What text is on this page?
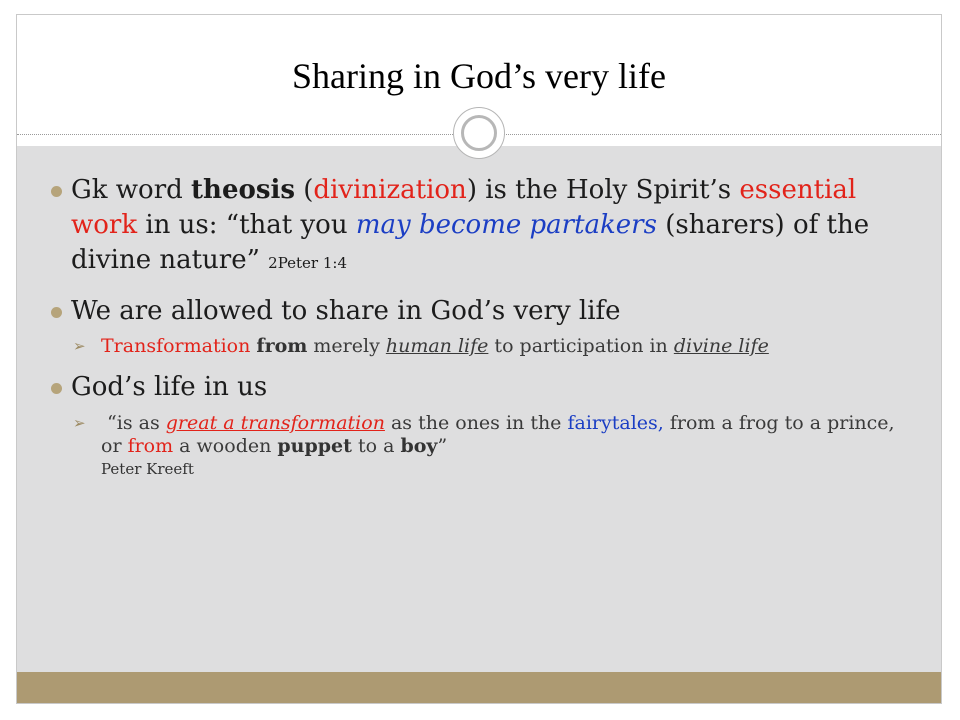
Sharing in God’s very life
Gk word theosis (divinization) is the Holy Spirit’s essential work in us: “that you may become partakers (sharers) of the divine nature” 2Peter 1:4
We are allowed to share in God’s very life
➢ Transformation from merely human life to participation in divine life
God’s life in us
➢ “is as great a transformation as the ones in the fairytales, from a frog to a prince, or from a wooden puppet to a boy”
Peter Kreeft
